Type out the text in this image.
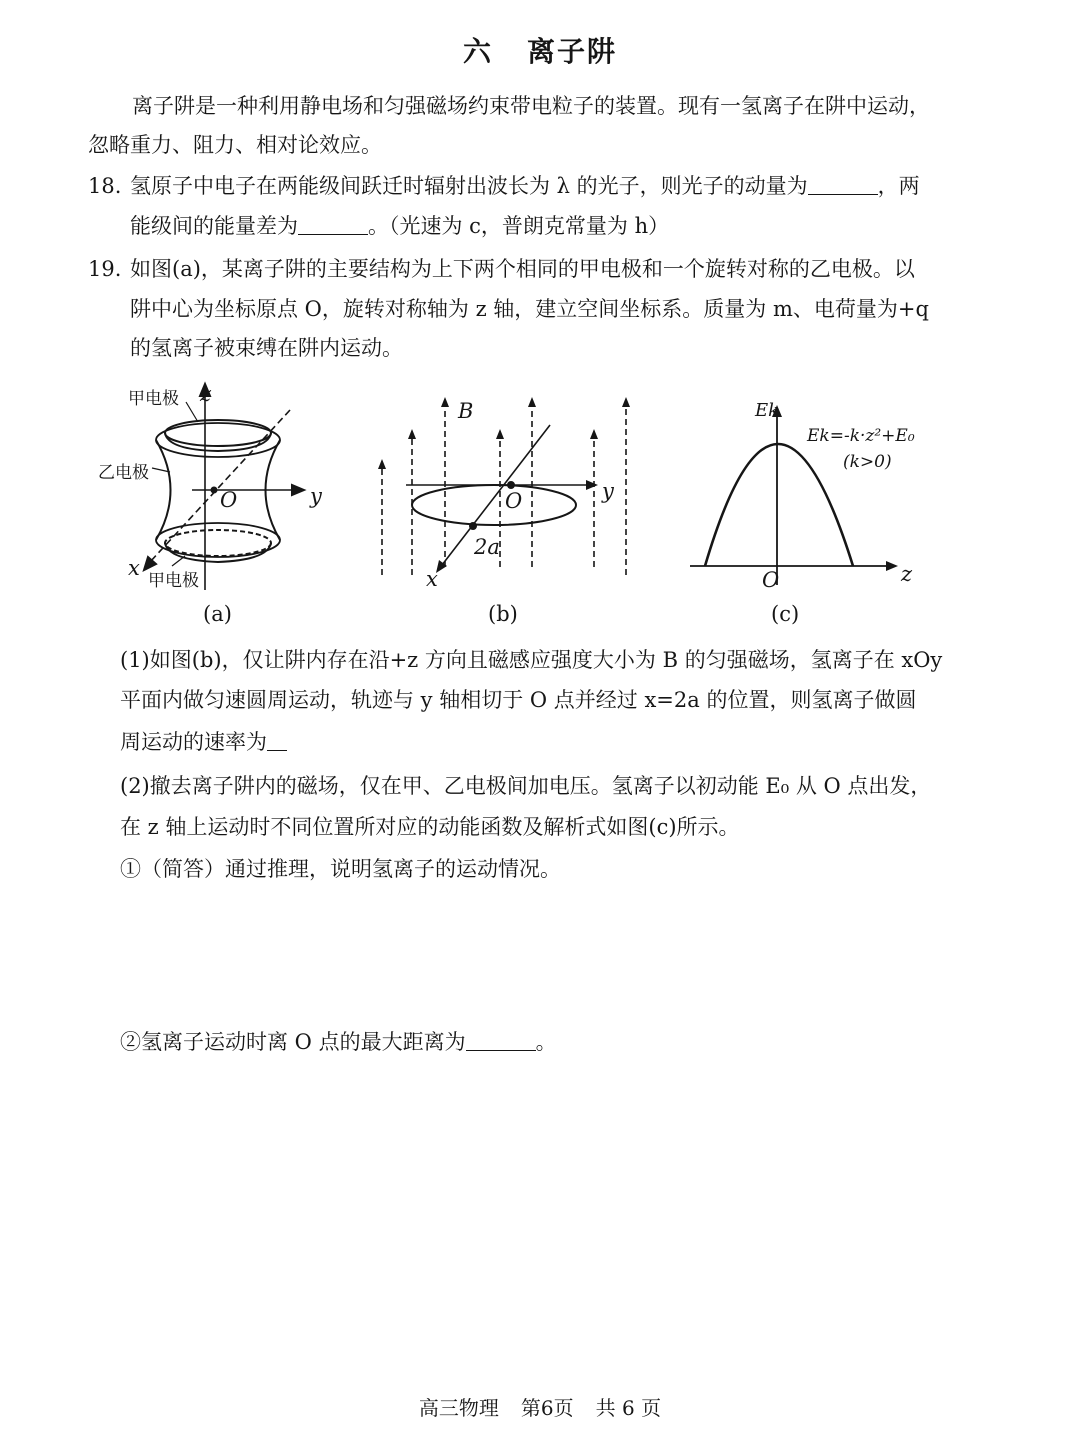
六 离子阱
离子阱是一种利用静电场和匀强磁场约束带电粒子的装置。现有一氢离子在阱中运动，
忽略重力、阻力、相对论效应。
18. 氢原子中电子在两能级间跃迁时辐射出波长为 λ 的光子，则光子的动量为	，两
能级间的能量差为	。（光速为 c，普朗克常量为 h）
19. 如图(a)，某离子阱的主要结构为上下两个相同的甲电极和一个旋转对称的乙电极。以
阱中心为坐标原点 O，旋转对称轴为 z 轴，建立空间坐标系。质量为 m、电荷量为+q
的氢离子被束缚在阱内运动。
甲电极
乙电极
甲电极
z
y
x
O
(a)
B
y
x
O
2a
(b)
Ek
Ek=-k·z²+E₀
(k>0)
O	z
(c)
(1)如图(b)，仅让阱内存在沿+z 方向且磁感应强度大小为 B 的匀强磁场，氢离子在 xOy
平面内做匀速圆周运动，轨迹与 y 轴相切于 O 点并经过 x=2a 的位置，则氢离子做圆
周运动的速率为
(2)撤去离子阱内的磁场，仅在甲、乙电极间加电压。氢离子以初动能 E₀ 从 O 点出发，
在 z 轴上运动时不同位置所对应的动能函数及解析式如图(c)所示。
①（简答）通过推理，说明氢离子的运动情况。
②氢离子运动时离 O 点的最大距离为	。
高三物理 第6页 共 6 页
